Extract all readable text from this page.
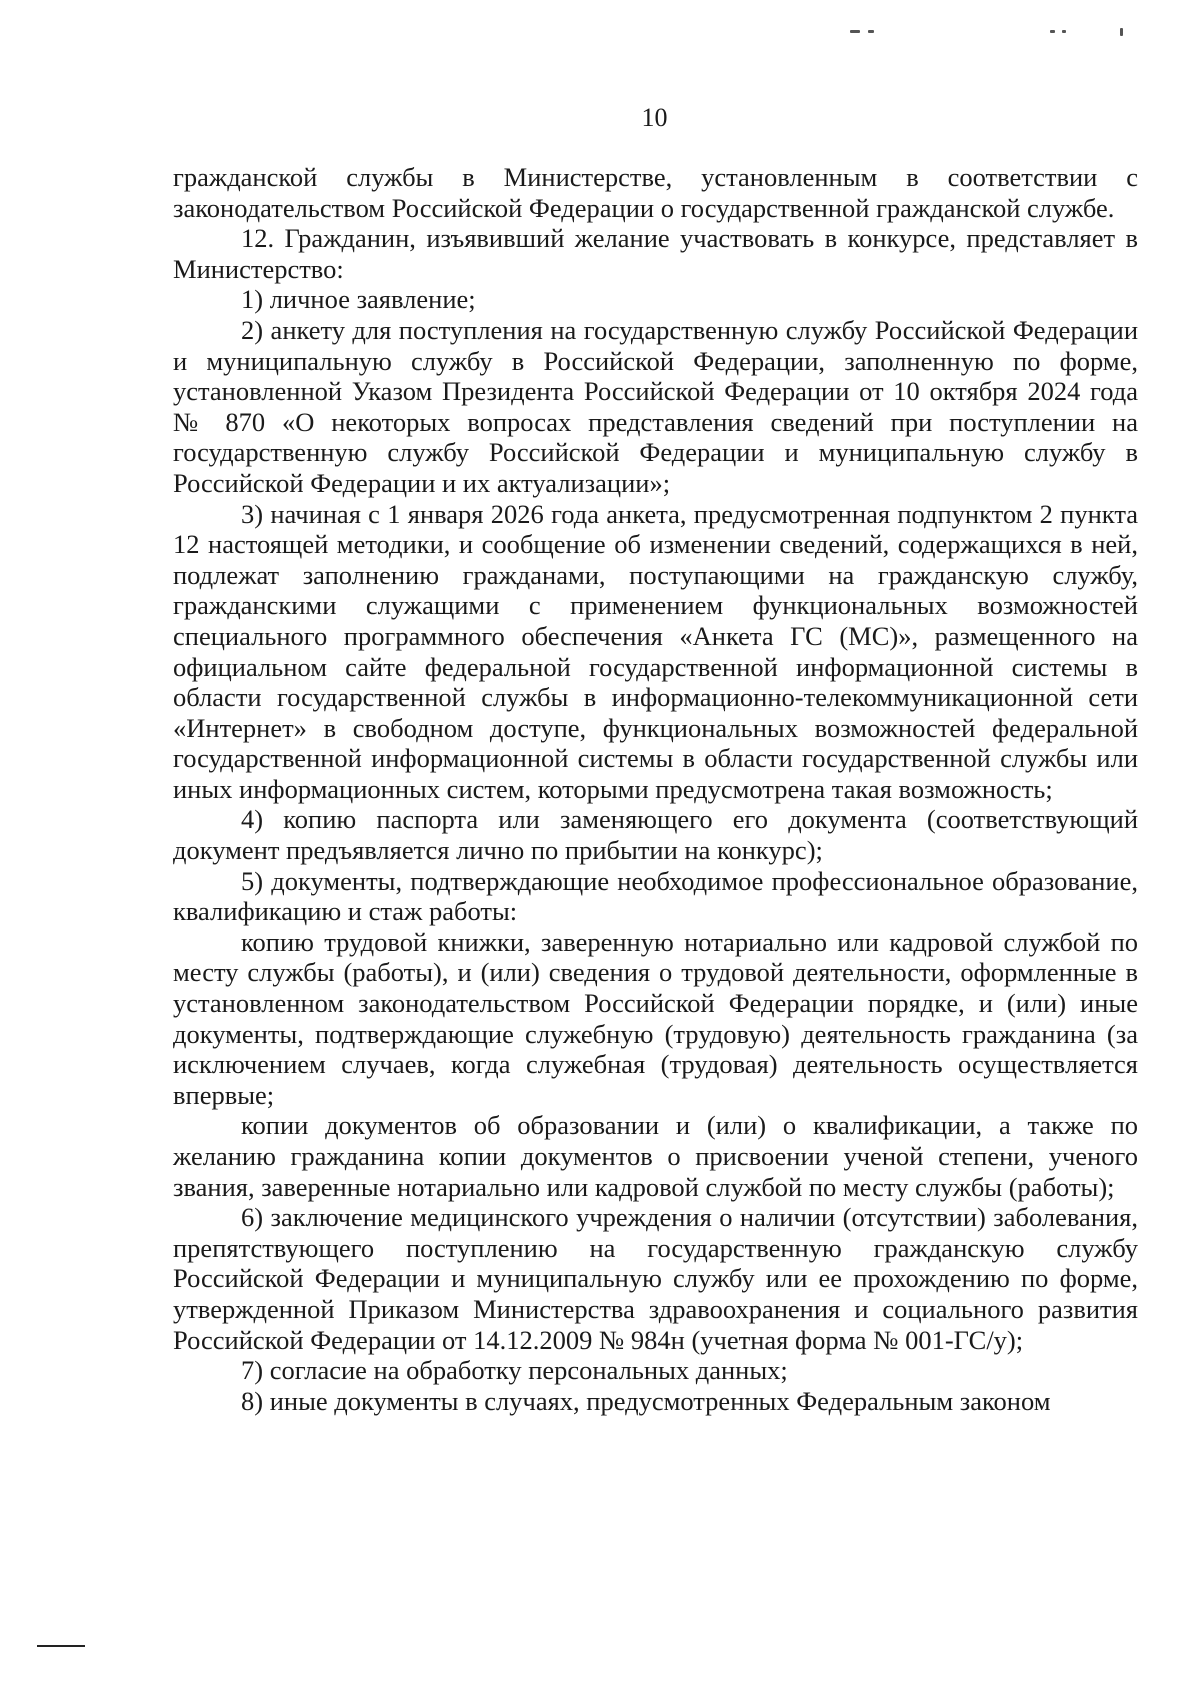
10

гражданской службы в Министерстве, установленным в соответствии с законодательством Российской Федерации о государственной гражданской службе.

12. Гражданин, изъявивший желание участвовать в конкурсе, представляет в Министерство:

1) личное заявление;

2) анкету для поступления на государственную службу Российской Федерации и муниципальную службу в Российской Федерации, заполненную по форме, установленной Указом Президента Российской Федерации от 10 октября 2024 года № 870 «О некоторых вопросах представления сведений при поступлении на государственную службу Российской Федерации и муниципальную службу в Российской Федерации и их актуализации»;

3) начиная с 1 января 2026 года анкета, предусмотренная подпунктом 2 пункта 12 настоящей методики, и сообщение об изменении сведений, содержащихся в ней, подлежат заполнению гражданами, поступающими на гражданскую службу, гражданскими служащими с применением функциональных возможностей специального программного обеспечения «Анкета ГС (МС)», размещенного на официальном сайте федеральной государственной информационной системы в области государственной службы в информационно-телекоммуникационной сети «Интернет» в свободном доступе, функциональных возможностей федеральной государственной информационной системы в области государственной службы или иных информационных систем, которыми предусмотрена такая возможность;

4) копию паспорта или заменяющего его документа (соответствующий документ предъявляется лично по прибытии на конкурс);

5) документы, подтверждающие необходимое профессиональное образование, квалификацию и стаж работы:

копию трудовой книжки, заверенную нотариально или кадровой службой по месту службы (работы), и (или) сведения о трудовой деятельности, оформленные в установленном законодательством Российской Федерации порядке, и (или) иные документы, подтверждающие служебную (трудовую) деятельность гражданина (за исключением случаев, когда служебная (трудовая) деятельность осуществляется впервые;

копии документов об образовании и (или) о квалификации, а также по желанию гражданина копии документов о присвоении ученой степени, ученого звания, заверенные нотариально или кадровой службой по месту службы (работы);

6) заключение медицинского учреждения о наличии (отсутствии) заболевания, препятствующего поступлению на государственную гражданскую службу Российской Федерации и муниципальную службу или ее прохождению по форме, утвержденной Приказом Министерства здравоохранения и социального развития Российской Федерации от 14.12.2009 № 984н (учетная форма № 001-ГС/у);

7) согласие на обработку персональных данных;

8) иные документы в случаях, предусмотренных Федеральным законом
